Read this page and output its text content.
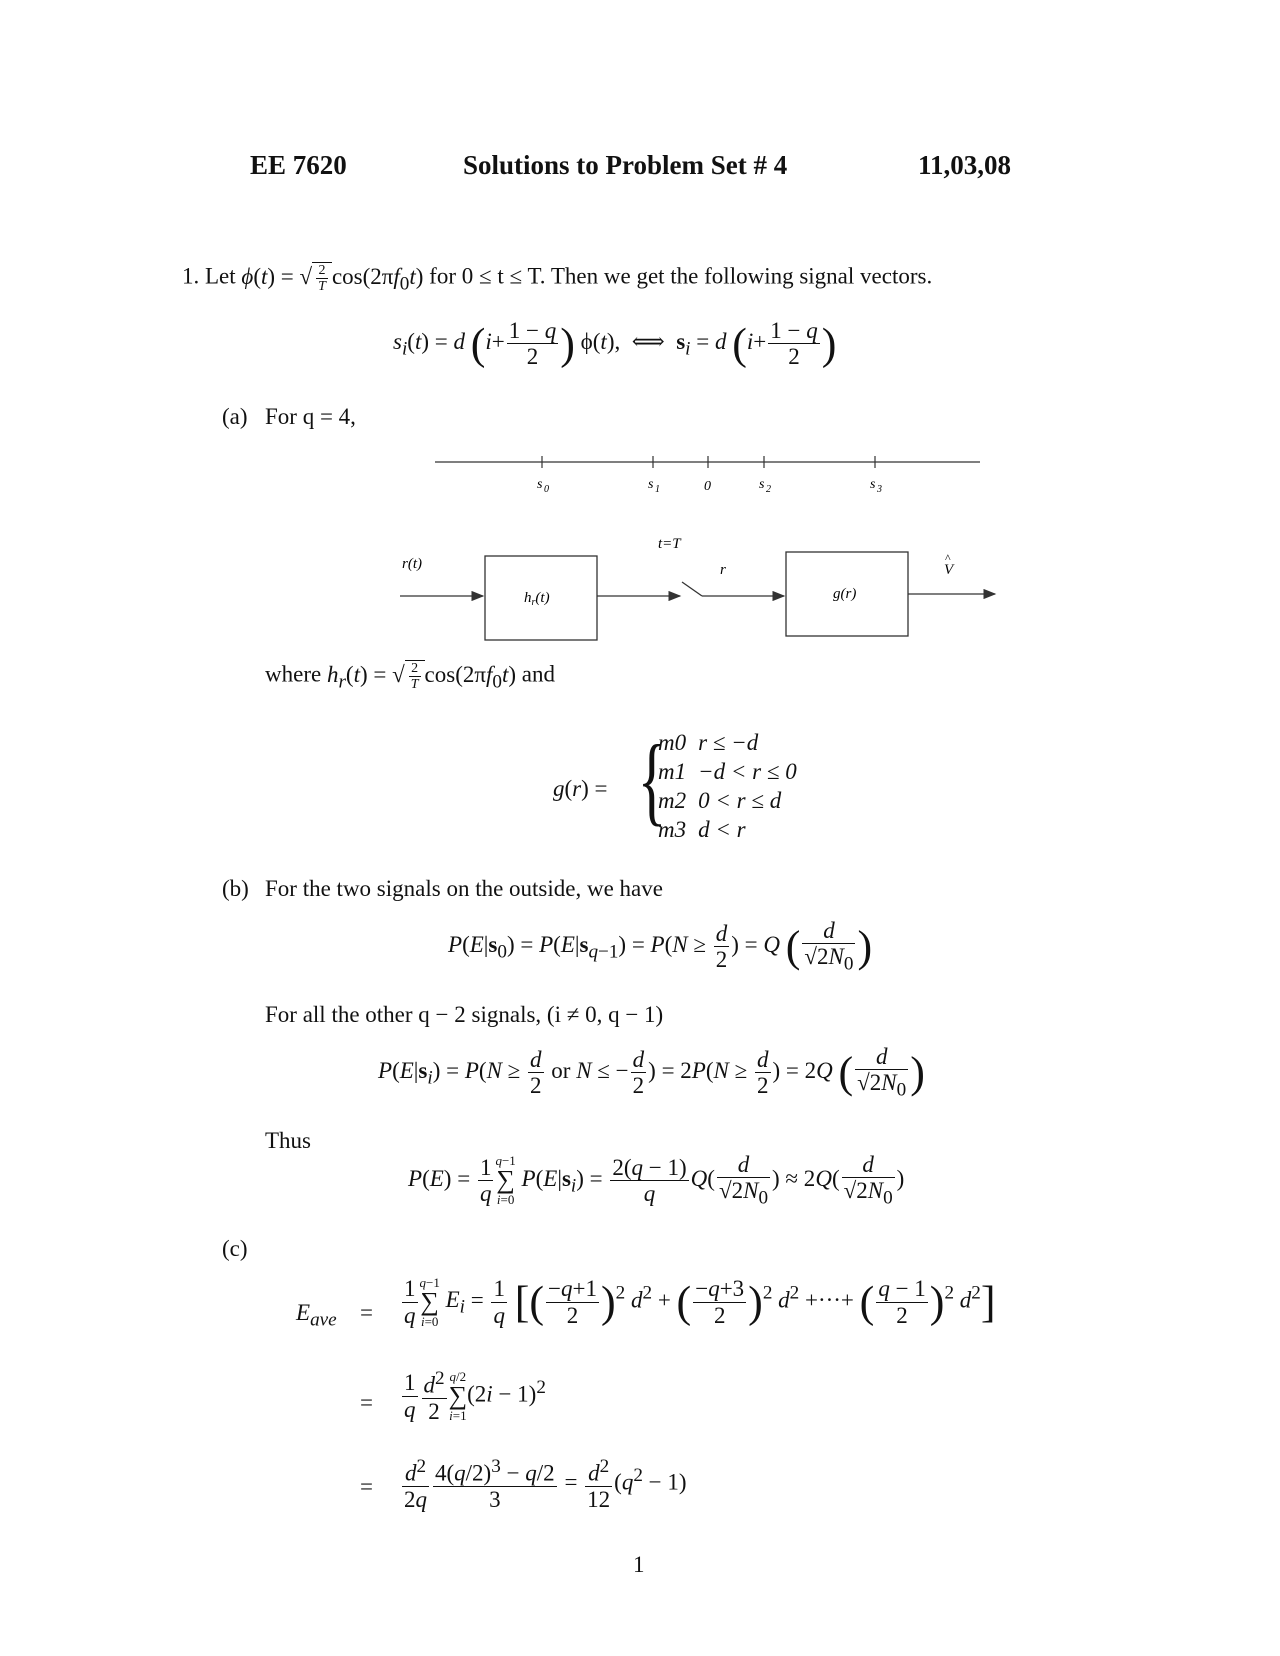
EE 7620	Solutions to Problem Set # 4	11,03,08
1. Let ϕ(t) = √ $\frac{2}{T} \cos(2\pi f_0t)$ for 0 ≤ t ≤ T. Then we get the following signal vectors.
$s_i(t) = d$ ($i+ \frac{1 - q}{2}$ ) ϕ(t),  ⟺  $s_i = d$ ($i+ \frac{1 - q}{2}$ )
(a) For q = 4,
s 0	s 1	0	s 2	s 3
r(t)
$h_r(t)$
t=T
r
g(r)
V
^
where $h_r(t)$ = √ $\frac{2}{T} \cos(2\pi f_0t)$ and
g(r) = {
m0	r ≤ −d
m1	−d < r ≤ 0
m2	0 < r ≤ d
m3	d < r
(b) For the two signals on the outside, we have
$P(E|s_0) = P(E|s_{q-1}) = P(N \ge \frac{d}{2}$ ) = Q ( $\frac{d}{√2N_0}$ )
For all the other q − 2 signals, (i ≠ 0, q − 1)
$P(E|s_i) = P(N \ge \frac{d}{2}$ or N ≤ − $\frac{d}{2}$ ) = $2P(N \ge \frac{d}{2}$ ) = 2Q ( $\frac{d}{√2N_0}$ )
Thus
$P(E) = \frac{1}{q} q-1$
∑
i=0 $P(E|s_i) = \frac{2(q - 1)}{q} Q( \frac{d}{√2N_0}$ ) ≈ $2Q( \frac{d}{√2N_0}$ )
(c)
$E_{ave} = \frac{1}{q} q-1$
∑
i=0 $E_i = \frac{1}{q}$ [( $\frac{-q+1}{2} )^2$ $d^2$ + ( $\frac{-q+3}{2} )^2$ $d^2$ +···+ ( $\frac{q - 1}{2} )^2$ $d^2$]
= $\frac{1}{q} \frac{d^2}{2} q/2$
∑
$i=1(2i - 1)^2$
= $\frac{d^2}{2q} \frac{4(q/2)^3 - q/2}{3} = \frac{d^2}{12} (q^2 - 1)$
1
